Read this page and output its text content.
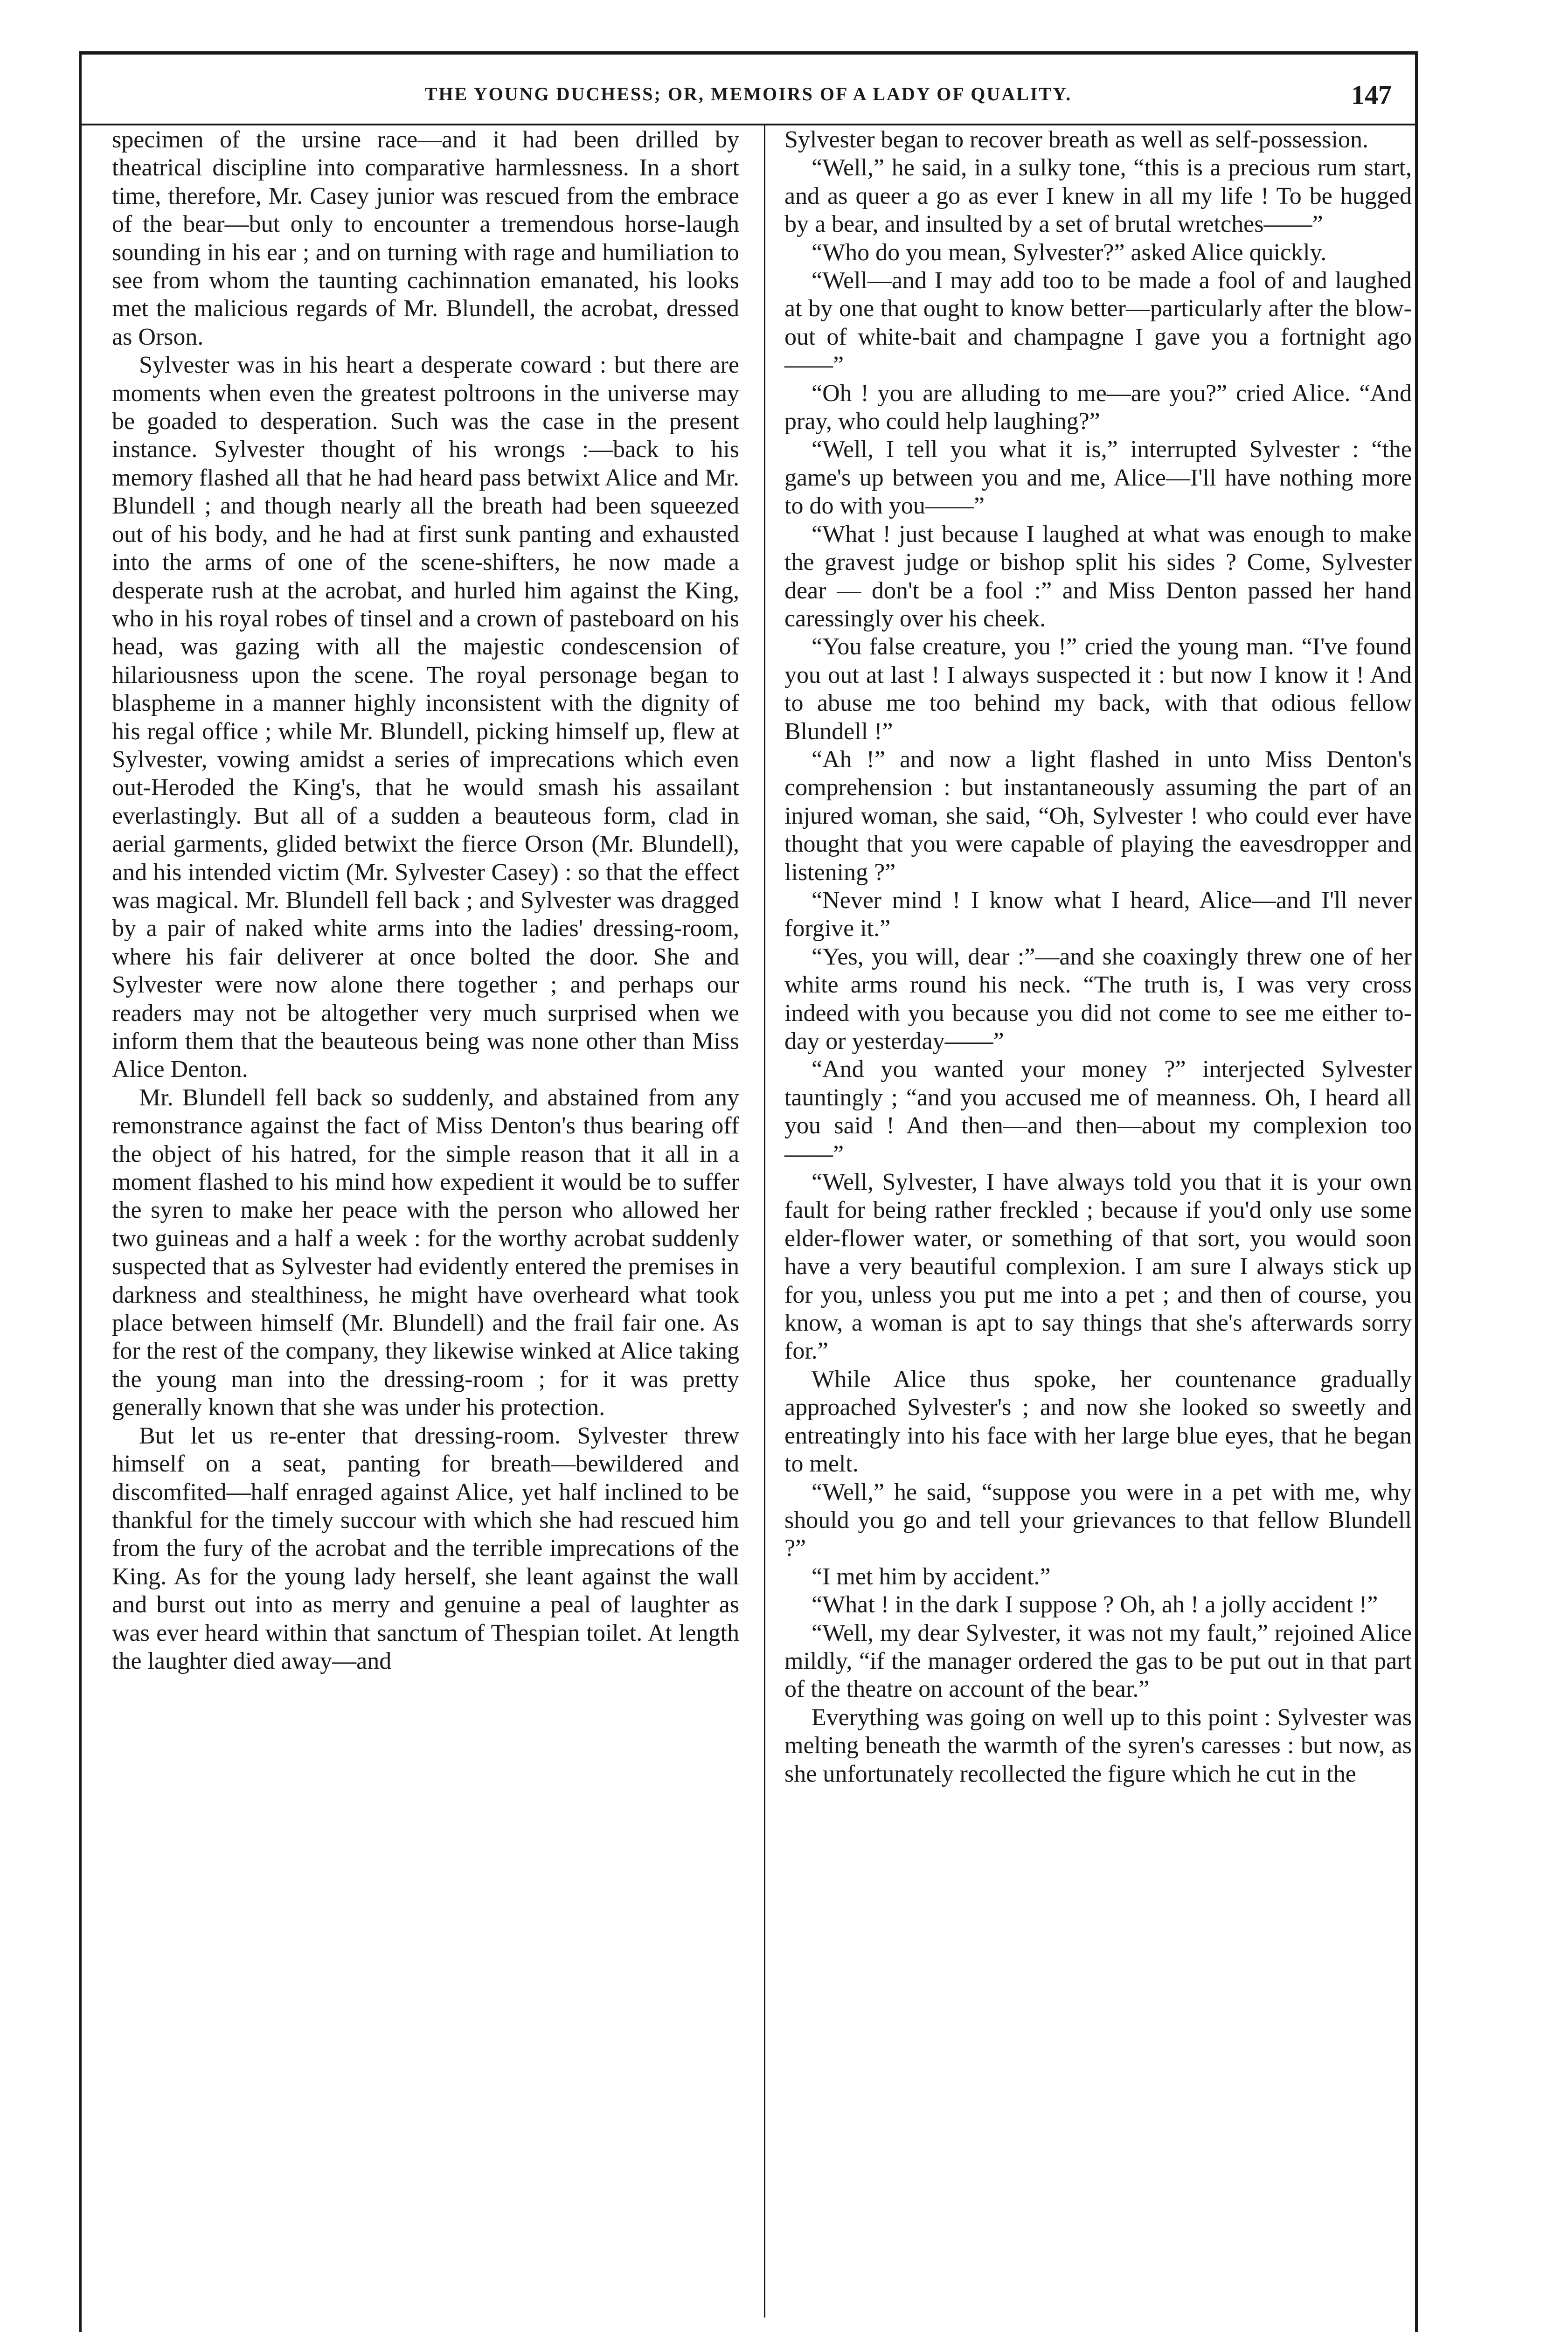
THE YOUNG DUCHESS; OR, MEMOIRS OF A LADY OF QUALITY.	147

specimen of the ursine race—and it had been drilled by theatrical discipline into comparative harmlessness. In a short time, therefore, Mr. Casey junior was rescued from the embrace of the bear—but only to encounter a tremendous horse-laugh sounding in his ear ; and on turning with rage and humiliation to see from whom the taunting cachinnation emanated, his looks met the malicious regards of Mr. Blundell, the acrobat, dressed as Orson.

Sylvester was in his heart a desperate coward : but there are moments when even the greatest poltroons in the universe may be goaded to desperation. Such was the case in the present instance. Sylvester thought of his wrongs :—back to his memory flashed all that he had heard pass betwixt Alice and Mr. Blundell ; and though nearly all the breath had been squeezed out of his body, and he had at first sunk panting and exhausted into the arms of one of the scene-shifters, he now made a desperate rush at the acrobat, and hurled him against the King, who in his royal robes of tinsel and a crown of pasteboard on his head, was gazing with all the majestic condescension of hilariousness upon the scene. The royal personage began to blaspheme in a manner highly inconsistent with the dignity of his regal office ; while Mr. Blundell, picking himself up, flew at Sylvester, vowing amidst a series of imprecations which even out-Heroded the King's, that he would smash his assailant everlastingly. But all of a sudden a beauteous form, clad in aerial garments, glided betwixt the fierce Orson (Mr. Blundell), and his intended victim (Mr. Sylvester Casey) : so that the effect was magical. Mr. Blundell fell back ; and Sylvester was dragged by a pair of naked white arms into the ladies' dressing-room, where his fair deliverer at once bolted the door. She and Sylvester were now alone there together ; and perhaps our readers may not be altogether very much surprised when we inform them that the beauteous being was none other than Miss Alice Denton.

Mr. Blundell fell back so suddenly, and abstained from any remonstrance against the fact of Miss Denton's thus bearing off the object of his hatred, for the simple reason that it all in a moment flashed to his mind how expedient it would be to suffer the syren to make her peace with the person who allowed her two guineas and a half a week : for the worthy acrobat suddenly suspected that as Sylvester had evidently entered the premises in darkness and stealthiness, he might have overheard what took place between himself (Mr. Blundell) and the frail fair one. As for the rest of the company, they likewise winked at Alice taking the young man into the dressing-room ; for it was pretty generally known that she was under his protection.

But let us re-enter that dressing-room. Sylvester threw himself on a seat, panting for breath—bewildered and discomfited—half enraged against Alice, yet half inclined to be thankful for the timely succour with which she had rescued him from the fury of the acrobat and the terrible imprecations of the King. As for the young lady herself, she leant against the wall and burst out into as merry and genuine a peal of laughter as was ever heard within that sanctum of Thespian toilet. At length the laughter died away—and

Sylvester began to recover breath as well as self-possession.

“Well,” he said, in a sulky tone, “this is a precious rum start, and as queer a go as ever I knew in all my life ! To be hugged by a bear, and insulted by a set of brutal wretches——”

“Who do you mean, Sylvester?” asked Alice quickly.

“Well—and I may add too to be made a fool of and laughed at by one that ought to know better—particularly after the blow-out of white-bait and champagne I gave you a fortnight ago——”

“Oh ! you are alluding to me—are you?” cried Alice. “And pray, who could help laughing?”

“Well, I tell you what it is,” interrupted Sylvester : “the game's up between you and me, Alice—I'll have nothing more to do with you——”

“What ! just because I laughed at what was enough to make the gravest judge or bishop split his sides ? Come, Sylvester dear — don't be a fool :” and Miss Denton passed her hand caressingly over his cheek.

“You false creature, you !” cried the young man. “I've found you out at last ! I always suspected it : but now I know it ! And to abuse me too behind my back, with that odious fellow Blundell !”

“Ah !” and now a light flashed in unto Miss Denton's comprehension : but instantaneously assuming the part of an injured woman, she said, “Oh, Sylvester ! who could ever have thought that you were capable of playing the eavesdropper and listening ?”

“Never mind ! I know what I heard, Alice—and I'll never forgive it.”

“Yes, you will, dear :”—and she coaxingly threw one of her white arms round his neck. “The truth is, I was very cross indeed with you because you did not come to see me either to-day or yesterday——”

“And you wanted your money ?” interjected Sylvester tauntingly ; “and you accused me of meanness. Oh, I heard all you said ! And then—and then—about my complexion too——”

“Well, Sylvester, I have always told you that it is your own fault for being rather freckled ; because if you'd only use some elder-flower water, or something of that sort, you would soon have a very beautiful complexion. I am sure I always stick up for you, unless you put me into a pet ; and then of course, you know, a woman is apt to say things that she's afterwards sorry for.”

While Alice thus spoke, her countenance gradually approached Sylvester's ; and now she looked so sweetly and entreatingly into his face with her large blue eyes, that he began to melt.

“Well,” he said, “suppose you were in a pet with me, why should you go and tell your grievances to that fellow Blundell ?”

“I met him by accident.”

“What ! in the dark I suppose ? Oh, ah ! a jolly accident !”

“Well, my dear Sylvester, it was not my fault,” rejoined Alice mildly, “if the manager ordered the gas to be put out in that part of the theatre on account of the bear.”

Everything was going on well up to this point : Sylvester was melting beneath the warmth of the syren's caresses : but now, as she unfortunately recollected the figure which he cut in the
